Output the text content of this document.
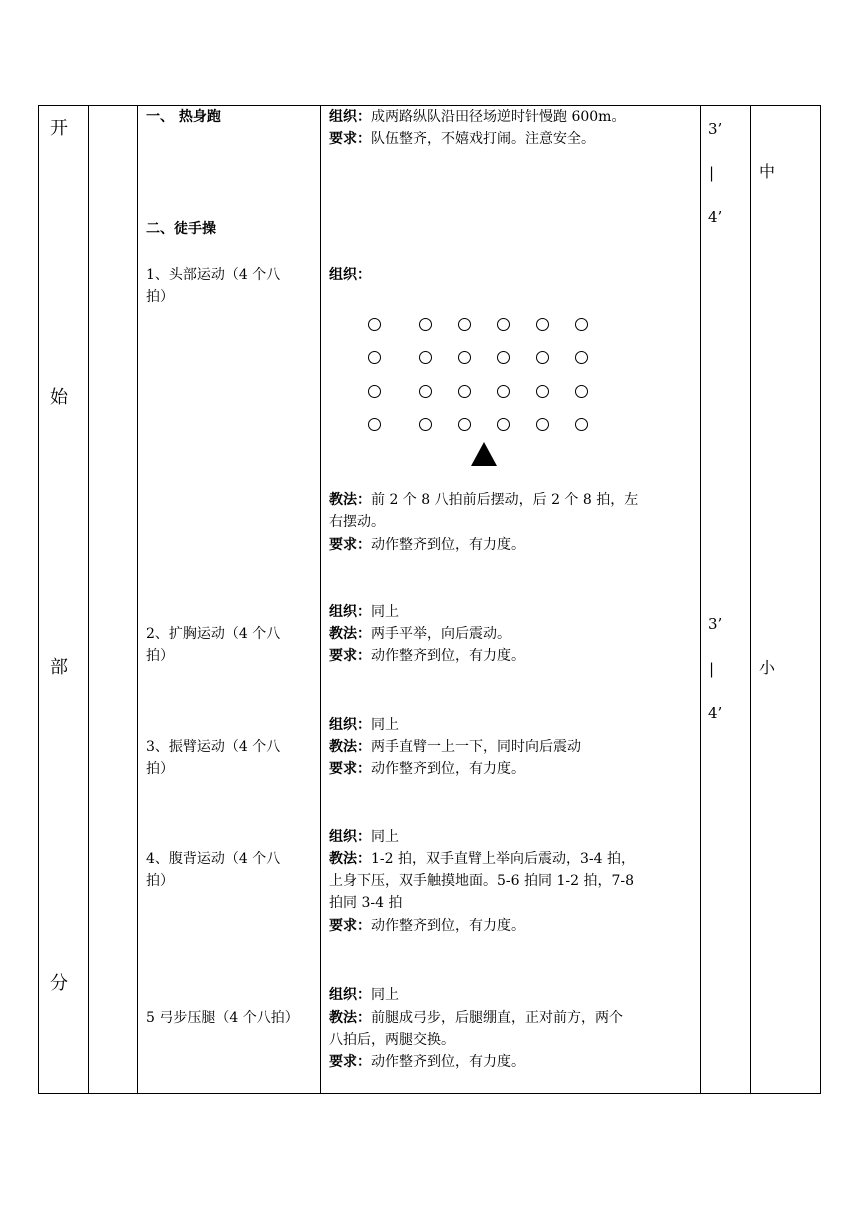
开
始
部
分
一、 热身跑
二、徒手操
1、头部运动（4 个八
拍）
2、扩胸运动（4 个八
拍）
3、振臂运动（4 个八
拍）
4、腹背运动（4 个八
拍）
5 弓步压腿（4 个八拍）
组织：成两路纵队沿田径场逆时针慢跑 600m。
要求：队伍整齐，不嬉戏打闹。注意安全。
组织：
教法：前 2 个 8 八拍前后摆动，后 2 个 8 拍，左
右摆动。
要求：动作整齐到位，有力度。
组织：同上
教法：两手平举，向后震动。
要求：动作整齐到位，有力度。
组织：同上
教法：两手直臂一上一下，同时向后震动
要求：动作整齐到位，有力度。
组织：同上
教法：1-2 拍，双手直臂上举向后震动，3-4 拍，
上身下压，双手触摸地面。5-6 拍同 1-2 拍，7-8
拍同 3-4 拍
要求：动作整齐到位，有力度。
组织：同上
教法：前腿成弓步，后腿绷直，正对前方，两个
八拍后，两腿交换。
要求：动作整齐到位，有力度。
3’
|
4’
3’
|
4’
中
小
